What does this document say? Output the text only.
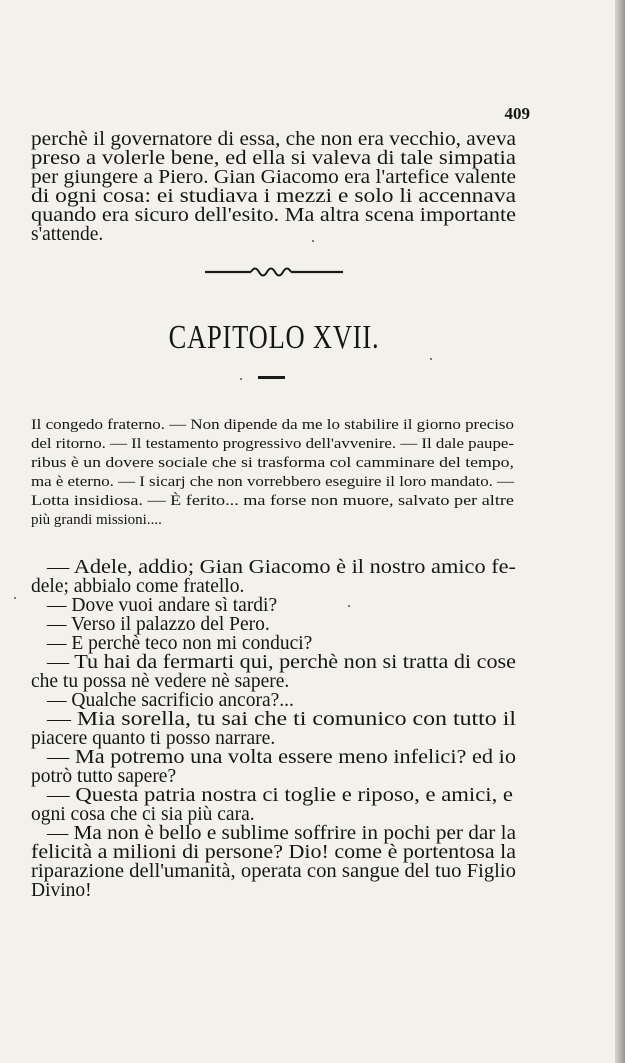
409
perchè il governatore di essa, che non era vecchio, aveva
preso a volerle bene, ed ella si valeva di tale simpatia
per giungere a Piero. Gian Giacomo era l'artefice valente
di ogni cosa: ei studiava i mezzi e solo li accennava
quando era sicuro dell'esito. Ma altra scena importante
s'attende.
CAPITOLO XVII.
Il congedo fraterno. — Non dipende da me lo stabilire il giorno preciso
del ritorno. — Il testamento progressivo dell'avvenire. — Il dale paupe-
ribus è un dovere sociale che si trasforma col camminare del tempo,
ma è eterno. — I sicarj che non vorrebbero eseguire il loro mandato. —
Lotta insidiosa. — È ferito... ma forse non muore, salvato per altre
più grandi missioni....
— Adele, addio; Gian Giacomo è il nostro amico fe-
dele; abbialo come fratello.
— Dove vuoi andare sì tardi?
— Verso il palazzo del Pero.
— E perchè teco non mi conduci?
— Tu hai da fermarti qui, perchè non si tratta di cose
che tu possa nè vedere nè sapere.
— Qualche sacrificio ancora?...
— Mia sorella, tu sai che ti comunico con tutto il
piacere quanto ti posso narrare.
— Ma potremo una volta essere meno infelici? ed io
potrò tutto sapere?
— Questa patria nostra ci toglie e riposo, e amici, e
ogni cosa che ci sia più cara.
— Ma non è bello e sublime soffrire in pochi per dar la
felicità a milioni di persone? Dio! come è portentosa la
riparazione dell'umanità, operata con sangue del tuo Figlio
Divino!
